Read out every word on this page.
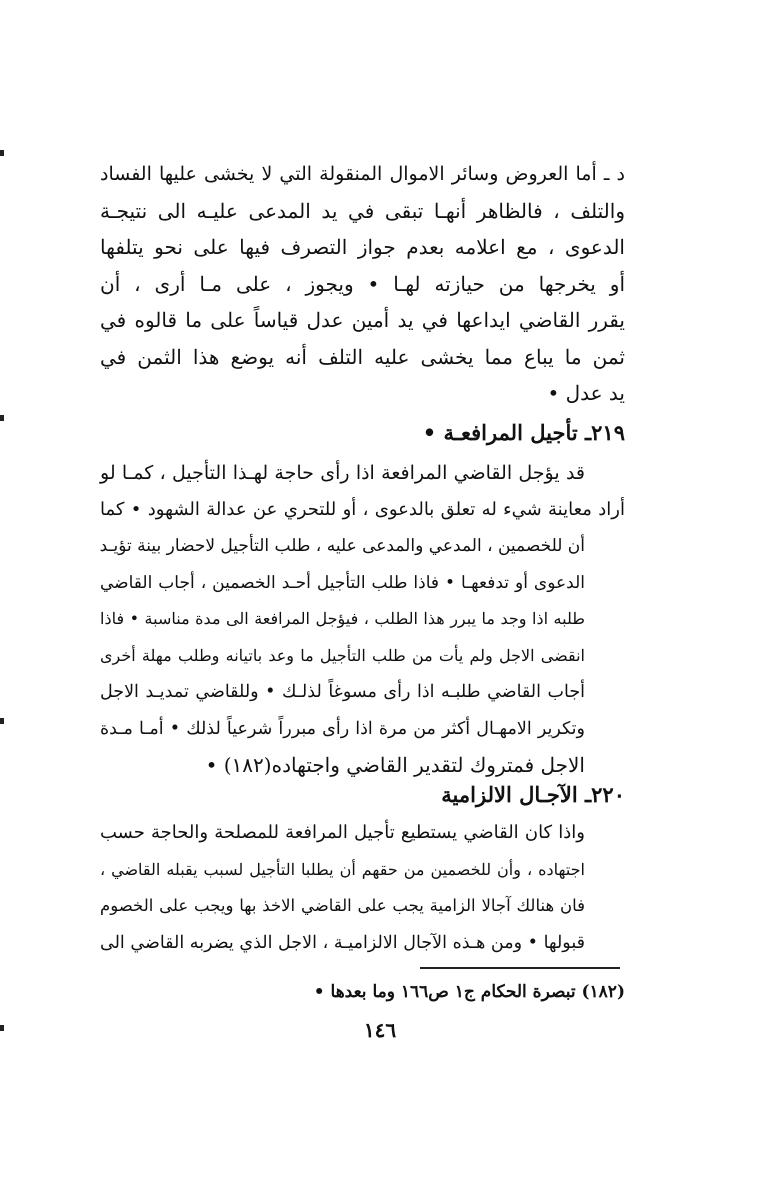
د ـ أما العروض وسائر الاموال المنقولة التي لا يخشى عليها الفساد
والتلف ، فالظاهر أنهـا تبقى في يد المدعى عليـه الى نتيجـة
الدعوى ، مع اعلامه بعدم جواز التصرف فيها على نحو يتلفها
أو يخرجها من حيازته لهـا • ويجوز ، على مـا أرى ، أن
يقرر القاضي ايداعها في يد أمين عدل قياساً على ما قالوه في
ثمن ما يباع مما يخشى عليه التلف أنه يوضع هذا الثمن في
يد عدل •
٢١٩ـ تأجيل المرافعـة •
قد يؤجل القاضي المرافعة اذا رأى حاجة لهـذا التأجيل ، كمـا لو
أراد معاينة شيء له تعلق بالدعوى ، أو للتحري عن عدالة الشهود • كما
أن للخصمين ، المدعي والمدعى عليه ، طلب التأجيل لاحضار بينة تؤيـد
الدعوى أو تدفعهـا • فاذا طلب التأجيل أحـد الخصمين ، أجاب القاضي
طلبه اذا وجد ما يبرر هذا الطلب ، فيؤجل المرافعة الى مدة مناسبة • فاذا
انقضى الاجل ولم يأت من طلب التأجيل ما وعد باتيانه وطلب مهلة أخرى
أجاب القاضي طلبـه اذا رأى مسوغاً لذلـك • وللقاضي تمديـد الاجل
وتكرير الامهـال أكثر من مرة اذا رأى مبرراً شرعياً لذلك • أمـا مـدة
الاجل فمتروك لتقدير القاضي واجتهاده(١٨٢) •
٢٢٠ـ الآجـال الالزامية
واذا كان القاضي يستطيع تأجيل المرافعة للمصلحة والحاجة حسب
اجتهاده ، وأن للخصمين من حقهم أن يطلبا التأجيل لسبب يقبله القاضي ،
فان هنالك آجالا الزامية يجب على القاضي الاخذ بها ويجب على الخصوم
قبولها • ومن هـذه الآجال الالزاميـة ، الاجل الذي يضربه القاضي الى
(١٨٢) تبصرة الحكام ج١ ص١٦٦ وما بعدها •
١٤٦
